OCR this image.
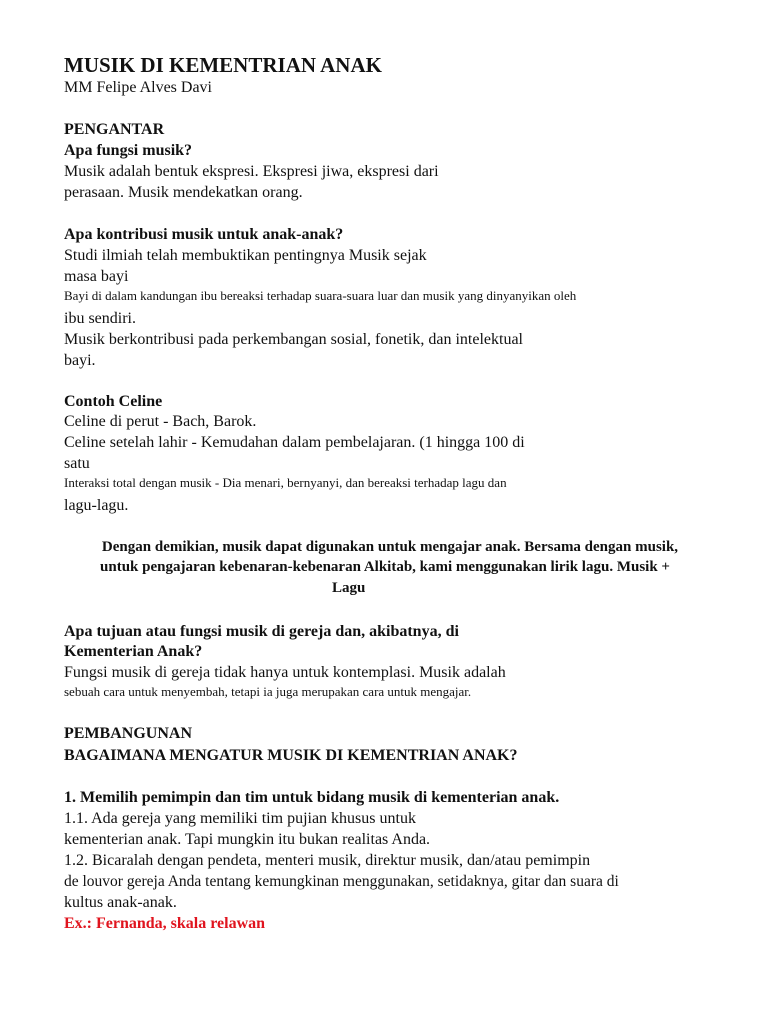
MUSIK DI KEMENTRIAN ANAK

MM Felipe Alves Davi

PENGANTAR

Apa fungsi musik?

Musik adalah bentuk ekspresi. Ekspresi jiwa, ekspresi dari

perasaan. Musik mendekatkan orang.

Apa kontribusi musik untuk anak-anak?

Studi ilmiah telah membuktikan pentingnya Musik sejak

masa bayi

Bayi di dalam kandungan ibu bereaksi terhadap suara-suara luar dan musik yang dinyanyikan oleh

ibu sendiri.

Musik berkontribusi pada perkembangan sosial, fonetik, dan intelektual

bayi.

Contoh Celine

Celine di perut - Bach, Barok.

Celine setelah lahir - Kemudahan dalam pembelajaran. (1 hingga 100 di

satu

Interaksi total dengan musik - Dia menari, bernyanyi, dan bereaksi terhadap lagu dan

lagu-lagu.

Dengan demikian, musik dapat digunakan untuk mengajar anak. Bersama dengan musik,

untuk pengajaran kebenaran-kebenaran Alkitab, kami menggunakan lirik lagu. Musik +

Lagu

Apa tujuan atau fungsi musik di gereja dan, akibatnya, di

Kementerian Anak?

Fungsi musik di gereja tidak hanya untuk kontemplasi. Musik adalah

sebuah cara untuk menyembah, tetapi ia juga merupakan cara untuk mengajar.

PEMBANGUNAN

BAGAIMANA MENGATUR MUSIK DI KEMENTRIAN ANAK?

1. Memilih pemimpin dan tim untuk bidang musik di kementerian anak.

1.1. Ada gereja yang memiliki tim pujian khusus untuk

kementerian anak. Tapi mungkin itu bukan realitas Anda.

1.2. Bicaralah dengan pendeta, menteri musik, direktur musik, dan/atau pemimpin

de louvor gereja Anda tentang kemungkinan menggunakan, setidaknya, gitar dan suara di

kultus anak-anak.

Ex.: Fernanda, skala relawan
